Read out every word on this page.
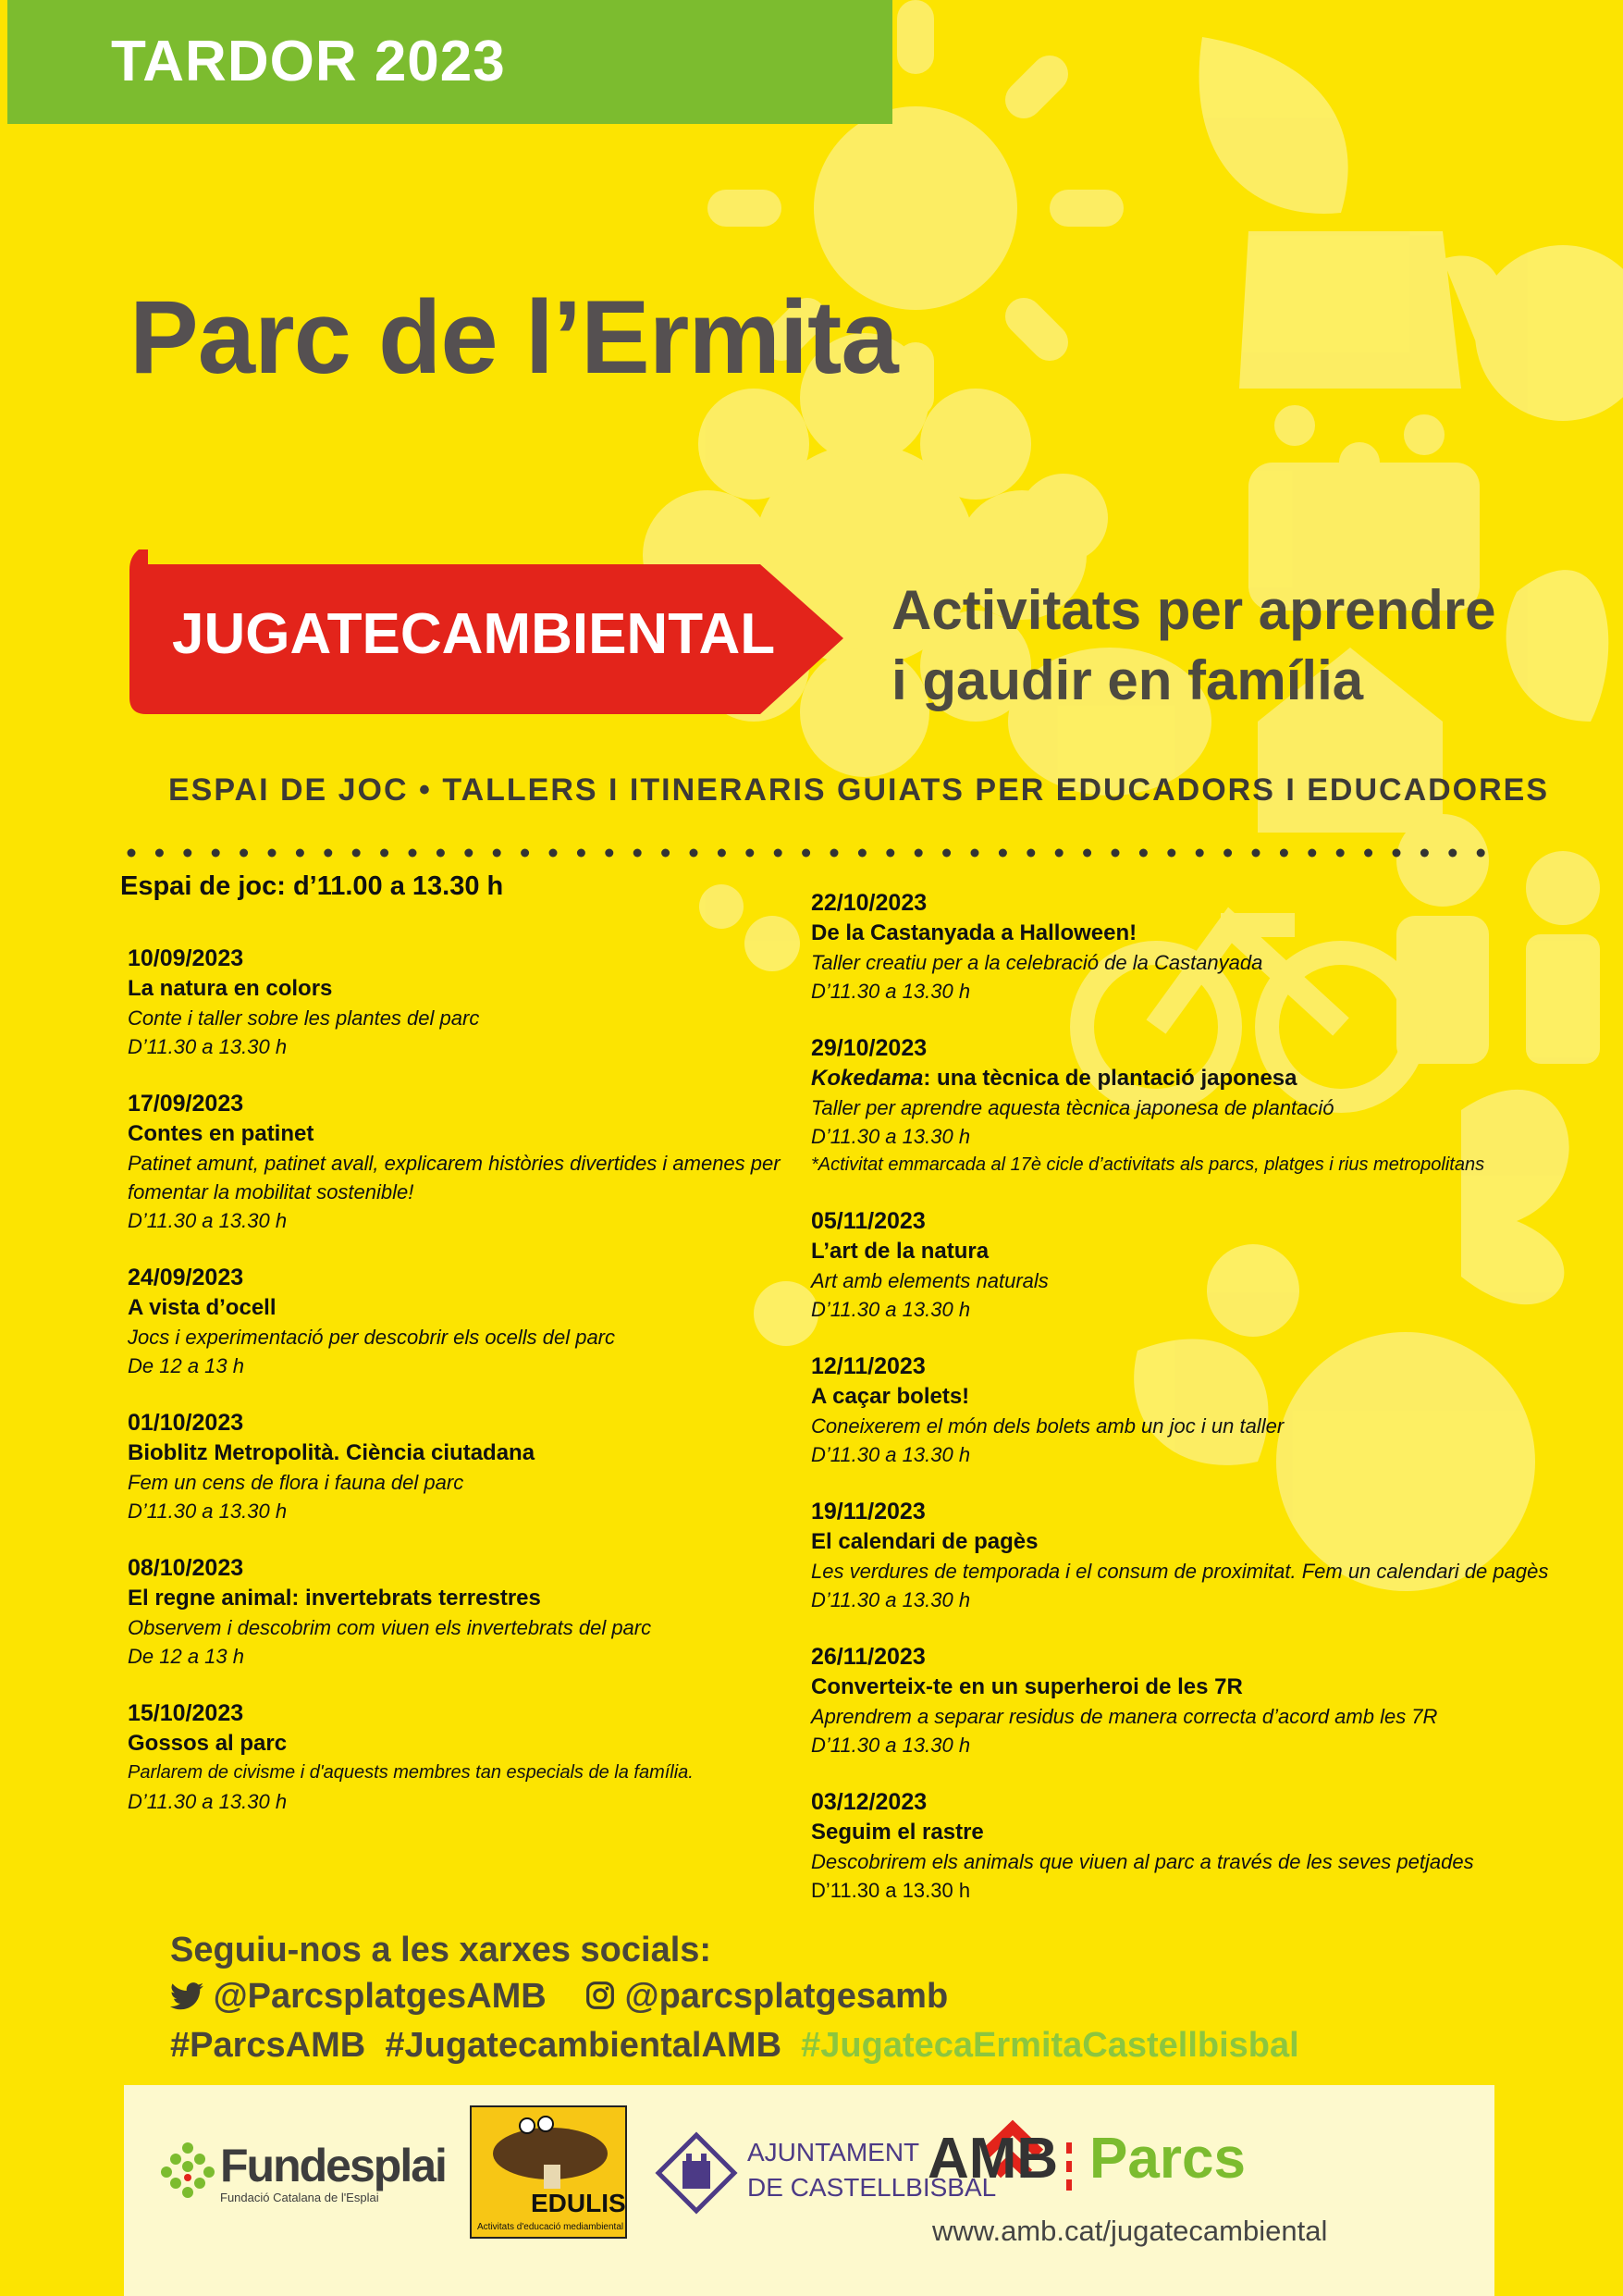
TARDOR 2023
Parc de l’Ermita
JUGATECAMBIENTAL Activitats per aprendre
i gaudir en família
ESPAI DE JOC • TALLERS I ITINERARIS GUIATS PER EDUCADORS I EDUCADORES
Espai de joc: d’11.00 a 13.30 h
10/09/2023
La natura en colors
Conte i taller sobre les plantes del parc
D’11.30 a 13.30 h
17/09/2023
Contes en patinet
Patinet amunt, patinet avall, explicarem històries divertides i amenes per fomentar la mobilitat sostenible!
D’11.30 a 13.30 h
24/09/2023
A vista d’ocell
Jocs i experimentació per descobrir els ocells del parc
De 12 a 13 h
01/10/2023
Bioblitz Metropolità. Ciència ciutadana
Fem un cens de flora i fauna del parc
D’11.30 a 13.30 h
08/10/2023
El regne animal: invertebrats terrestres
Observem i descobrim com viuen els invertebrats del parc
De 12 a 13 h
15/10/2023
Gossos al parc
Parlarem de civisme i d'aquests membres tan especials de la família.
D’11.30 a 13.30 h
22/10/2023
De la Castanyada a Halloween!
Taller creatiu per a la celebració de la Castanyada
D’11.30 a 13.30 h
29/10/2023
Kokedama: una tècnica de plantació japonesa
Taller per aprendre aquesta tècnica japonesa de plantació
D’11.30 a 13.30 h
*Activitat emmarcada al 17è cicle d’activitats als parcs, platges i rius metropolitans
05/11/2023
L’art de la natura
Art amb elements naturals
D’11.30 a 13.30 h
12/11/2023
A caçar bolets!
Coneixerem el món dels bolets amb un joc i un taller
D’11.30 a 13.30 h
19/11/2023
El calendari de pagès
Les verdures de temporada i el consum de proximitat. Fem un calendari de pagès
D’11.30 a 13.30 h
26/11/2023
Converteix-te en un superheroi de les 7R
Aprendrem a separar residus de manera correcta d’acord amb les 7R
D’11.30 a 13.30 h
03/12/2023
Seguim el rastre
Descobrirem els animals que viuen al parc a través de les seves petjades
D’11.30 a 13.30 h
Seguiu-nos a les xarxes socials:
@ParcsplatgesAMB @parcsplatgesamb
#ParcsAMB #JugatecambientalAMB #JugatecaErmitaCastellbisbal
Fundesplai
Fundació Catalana de l'Esplai	EDULIS
Activitats d'educació mediambiental
AJUNTAMENT
DE CASTELLBISBAL
AMB Parcs
www.amb.cat/jugatecambiental
